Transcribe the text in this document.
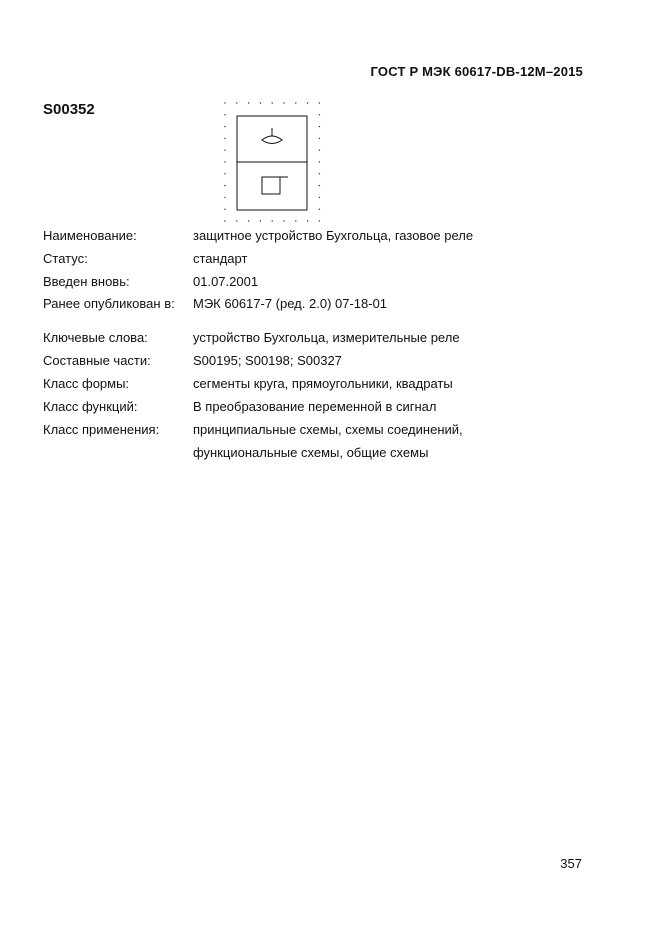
ГОСТ Р МЭК 60617-DB-12M–2015
S00352
Наименование:	защитное устройство Бухгольца, газовое реле
Статус:	стандарт
Введен вновь:	01.07.2001
Ранее опубликован в: МЭК 60617-7 (ред. 2.0) 07-18-01
Ключевые слова:	устройство Бухгольца, измерительные реле
Составные части:	S00195; S00198; S00327
Класс формы:	сегменты круга, прямоугольники, квадраты
Класс функций:	В преобразование переменной в сигнал
Класс применения:	принципиальные схемы, схемы соединений,
функциональные схемы, общие схемы
357
